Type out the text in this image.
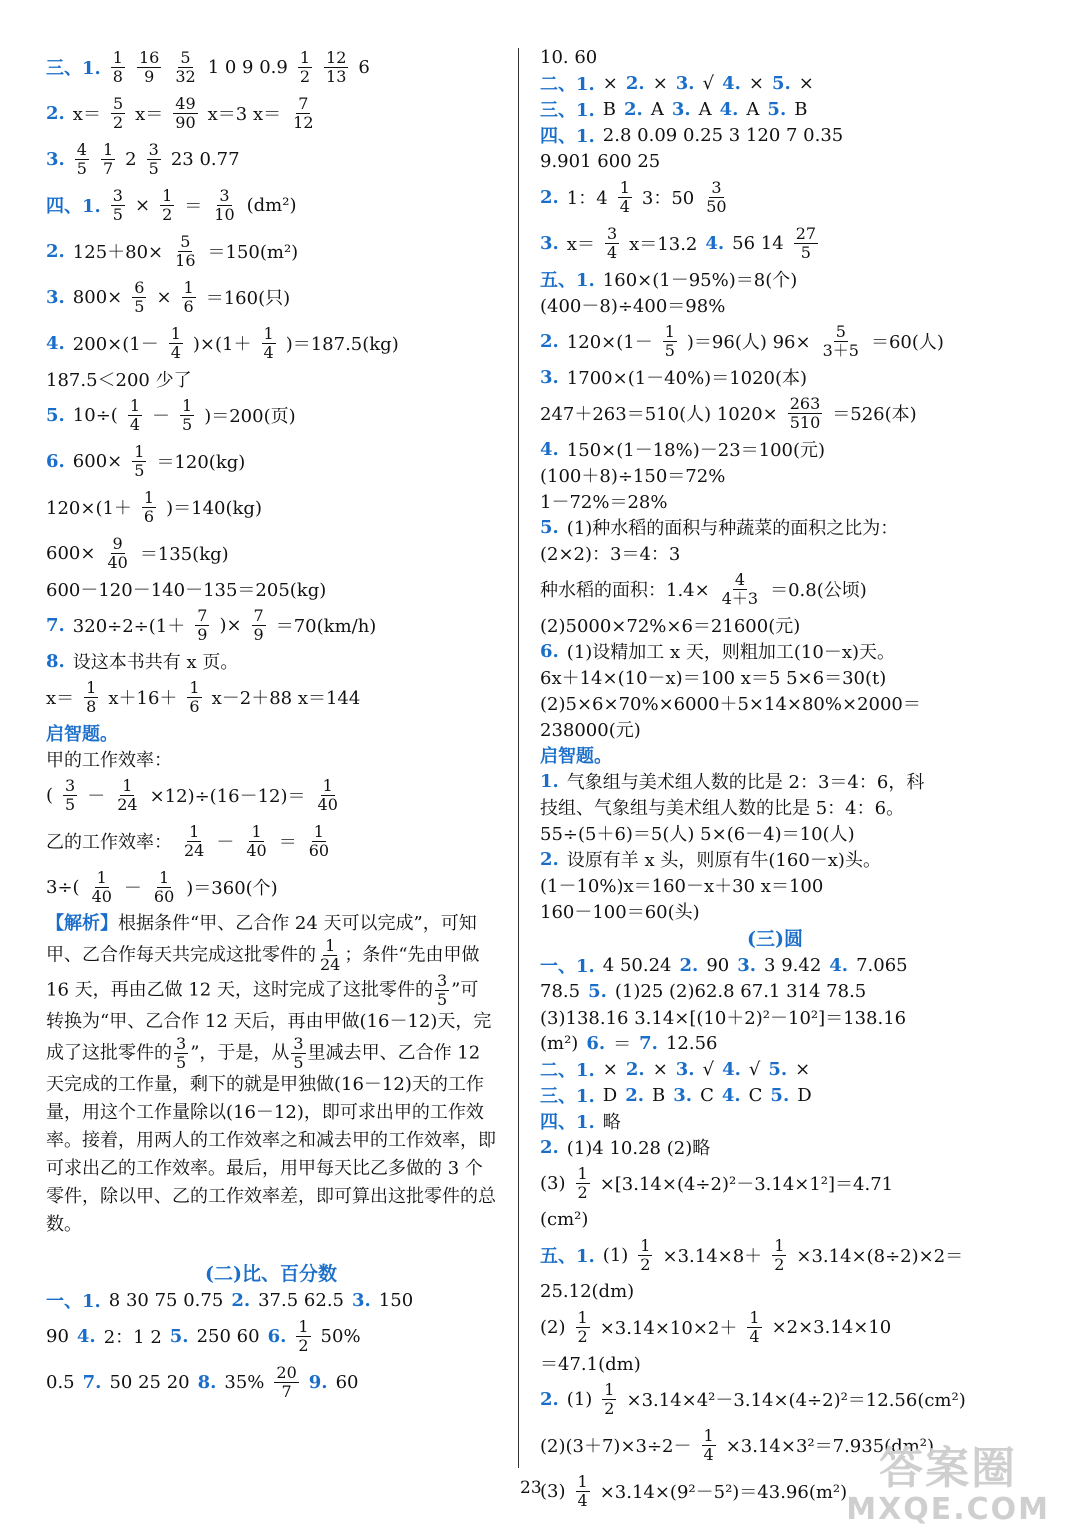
三、1. $\frac{1}{8} \frac{16}{9} \frac{5}{32} 1$ 0 9 $0.9 \frac{1}{2} \frac{12}{13} 6$
2. $x= \frac{5}{2} x= \frac{49}{90} x=3$ $x= \frac{7}{12}$
3. $\frac{4}{5} \frac{1}{7} 2 \frac{3}{5} 23$ 0.77
四、1. $\frac{3}{5} \times \frac{1}{2} = \frac{3}{10} (dm^2)$
2. $125+80\times \frac{5}{16} =150(m^2)$
3. $800\times \frac{6}{5} \times \frac{1}{6} =160$(只)
4. $200\times(1- \frac{1}{4} )\times(1+ \frac{1}{4} )=187.5(kg)$
187.5＜200 少了
5. $10\div( \frac{1}{4} - \frac{1}{5} )=200$(页)
6. $600\times \frac{1}{5} =120(kg)$
$120\times(1+ \frac{1}{6} )=140(kg)$
$600\times \frac{9}{40} =135(kg)$
600－120－140－135＝205(kg)
7. $320\div 2\div(1+ \frac{7}{9}$ )× $\frac{7}{9} =70(km/h)$
8. 设这本书共有 x 页。
$x= \frac{1}{8} x+16+ \frac{1}{6} x-2+88$ x＝144
启智题。
甲的工作效率：
( $\frac{3}{5} - \frac{1}{24} \times 12)\div(16-12)= \frac{1}{40}$
乙的工作效率： $\frac{1}{24} - \frac{1}{40} = \frac{1}{60}$
$3\div( \frac{1}{40} - \frac{1}{60} )=360$(个)
【解析】根据条件“甲、乙合作 24 天可以完成”，可知甲、乙合作每天共完成这批零件的 $\frac{1}{24}$ ；条件“先由甲做 16 天，再由乙做 12 天，这时完成了这批零件的 $\frac{3}{5}$ ”可转换为“甲、乙合作 12 天后，再由甲做(16－12)天，完成了这批零件的 $\frac{3}{5}$ ”，于是，从 $\frac{3}{5}$ 里减去甲、乙合作 12 天完成的工作量，剩下的就是甲独做(16－12)天的工作量，用这个工作量除以(16－12)，即可求出甲的工作效率。接着，用两人的工作效率之和减去甲的工作效率，即可求出乙的工作效率。最后，用甲每天比乙多做的 3 个零件，除以甲、乙的工作效率差，即可算出这批零件的总数。
(二)比、百分数
一、1. 8 30 75 0.75 2. 37.5 62.5 3. 150
90 4. 2：1 2 5. 250 60 6. $\frac{1}{2} 50\%$
0.5 7. 50 25 20 8. $35\% \frac{20}{7} 9$. 60
10. 60
二、1. × 2. × 3. √ 4. × 5. ×
三、1. B 2. A 3. A 4. A 5. B
四、1. 2.8 0.09 0.25 3 120 7 0.35
9.901 600 25
2. 1：$4 \frac{1}{4} 3$：$50 \frac{3}{50}$
3. $x= \frac{3}{4} x=13.2$ 4. 56 $14 \frac{27}{5}$
五、1. 160×(1－95%)＝8(个)
(400－8)÷400＝98%
2. $120\times(1- \frac{1}{5} )=96$(人) $96\times \frac{5}{3+5} =60$(人)
3. 1700×(1－40%)＝1020(本)
247＋263＝510(人) $1020\times \frac{263}{510} =526$(本)
4. 150×(1－18%)－23＝100(元)
(100＋8)÷150＝72%
1－72%＝28%
5. (1)种水稻的面积与种蔬菜的面积之比为：
(2×2)：3＝4：3
种水稻的面积：$1.4\times \frac{4}{4+3} =0.8$(公顷)
(2)5000×72%×6＝21600(元)
6. (1)设精加工 x 天，则粗加工(10－x)天。
6x＋14×(10－x)＝100 x＝5 5×6＝30(t)
(2)5×6×70%×6000＋5×14×80%×2000＝
238000(元)
启智题。
1. 气象组与美术组人数的比是 2：3＝4：6，科
技组、气象组与美术组人数的比是 5：4：6。
55÷(5＋6)＝5(人) 5×(6－4)＝10(人)
2. 设原有羊 x 头，则原有牛(160－x)头。
(1－10%)x＝160－x＋30 x＝100
160－100＝60(头)
(三)圆
一、1. 4 50.24 2. 90 3. 3 9.42 4. 7.065
78.5 5. (1)25 (2)62.8 67.1 314 78.5
(3)138.16 3.14×[(10＋2)²－10²]＝138.16
(m²) 6. ＝ 7. 12.56
二、1. × 2. × 3. √ 4. √ 5. ×
三、1. D 2. B 3. C 4. C 5. D
四、1. 略
2. (1)4 10.28 (2)略
$(3) \frac{1}{2} \times[3.14\times(4\div 2)^2-3.14\times 1^2]=4.71$
(cm²)
五、1. $(1) \frac{1}{2} \times 3.14\times 8+ \frac{1}{2} \times 3.14\times(8\div 2)\times 2=$
25.12(dm)
$(2) \frac{1}{2} \times 3.14\times 10\times 2+ \frac{1}{4} \times 2\times 3.14\times 10$
＝47.1(dm)
2. $(1) \frac{1}{2} \times 3.14\times 4^2-3.14\times(4\div 2)^2=12.56(cm^2)$
$(2)(3+7)\times 3\div 2- \frac{1}{4} \times 3.14\times 3^2=7.935(dm^2)$
$(3) \frac{1}{4} \times 3.14\times(9^2-5^2)=43.96(m^2)$
23	答案圈
MXQE.COM
